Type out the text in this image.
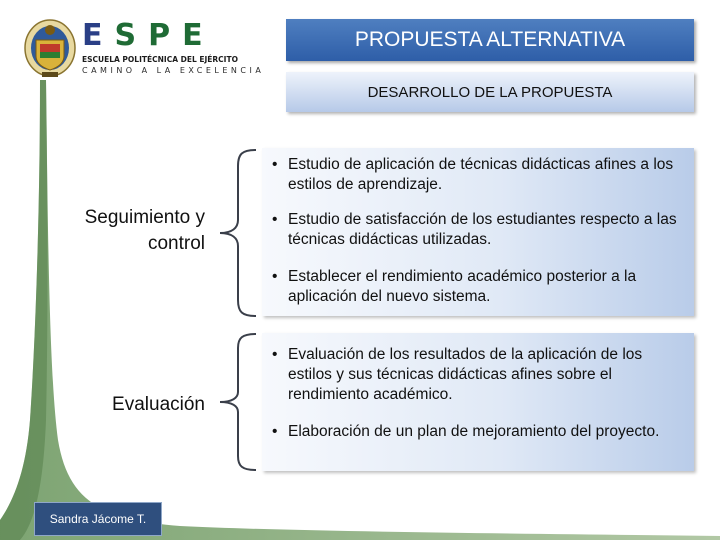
ESPE
ESCUELA POLITÉCNICA DEL EJÉRCITO
CAMINO A LA EXCELENCIA
PROPUESTA ALTERNATIVA
DESARROLLO DE LA PROPUESTA
Seguimiento y control
• Estudio de aplicación de técnicas didácticas afines a los estilos de aprendizaje.
• Estudio de satisfacción de los estudiantes respecto a las técnicas didácticas utilizadas.
• Establecer el rendimiento académico posterior a la aplicación del nuevo sistema.
Evaluación
• Evaluación de los resultados de la aplicación de los estilos y sus técnicas didácticas afines sobre el rendimiento académico.
• Elaboración de un plan de mejoramiento del proyecto.
Sandra Jácome T.
